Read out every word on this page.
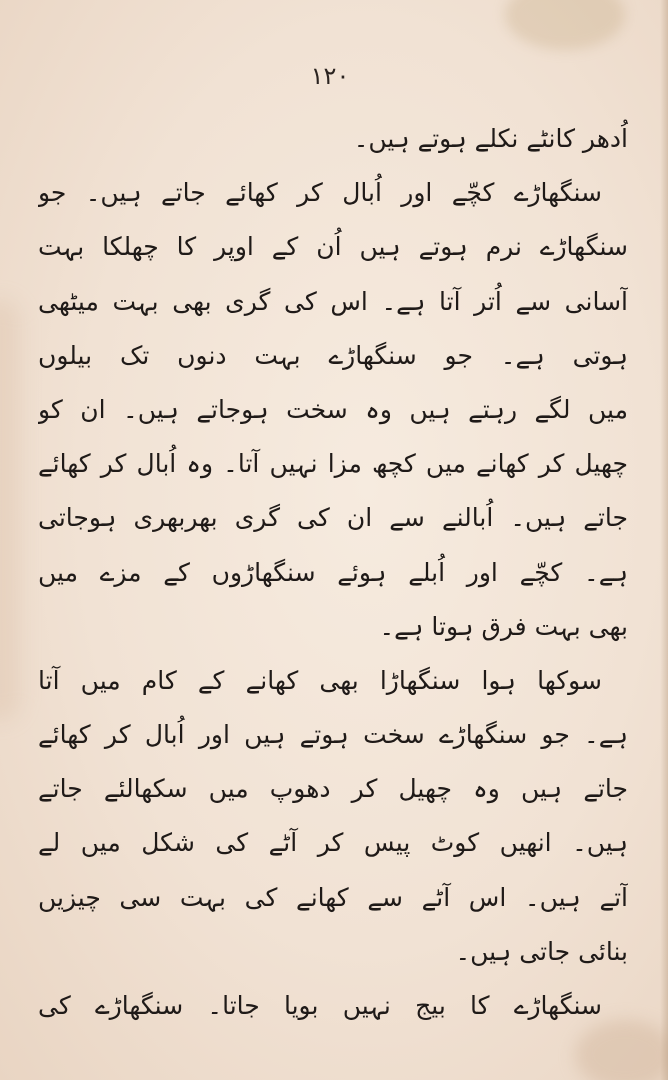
١٢٠
اُدھر کانٹے نکلے ہوتے ہیں۔
سنگھاڑے کچّے اور اُبال کر کھائے جاتے ہیں۔ جو
سنگھاڑے نرم ہوتے ہیں اُن کے اوپر کا چھلکا بہت
آسانی سے اُتر آتا ہے۔ اس کی گری بھی بہت میٹھی
ہوتی ہے۔ جو سنگھاڑے بہت دنوں تک بیلوں
میں لگے رہتے ہیں وہ سخت ہوجاتے ہیں۔ ان کو
چھیل کر کھانے میں کچھ مزا نہیں آتا۔ وہ اُبال کر کھائے
جاتے ہیں۔ اُبالنے سے ان کی گری بھربھری ہوجاتی
ہے۔ کچّے اور اُبلے ہوئے سنگھاڑوں کے مزے میں
بھی بہت فرق ہوتا ہے۔
سوکھا ہوا سنگھاڑا بھی کھانے کے کام میں آتا
ہے۔ جو سنگھاڑے سخت ہوتے ہیں اور اُبال کر کھائے
جاتے ہیں وہ چھیل کر دھوپ میں سکھالئے جاتے
ہیں۔ انھیں کوٹ پیس کر آٹے کی شکل میں لے
آتے ہیں۔ اس آٹے سے کھانے کی بہت سی چیزیں
بنائی جاتی ہیں۔
سنگھاڑے کا بیج نہیں بویا جاتا۔ سنگھاڑے کی
